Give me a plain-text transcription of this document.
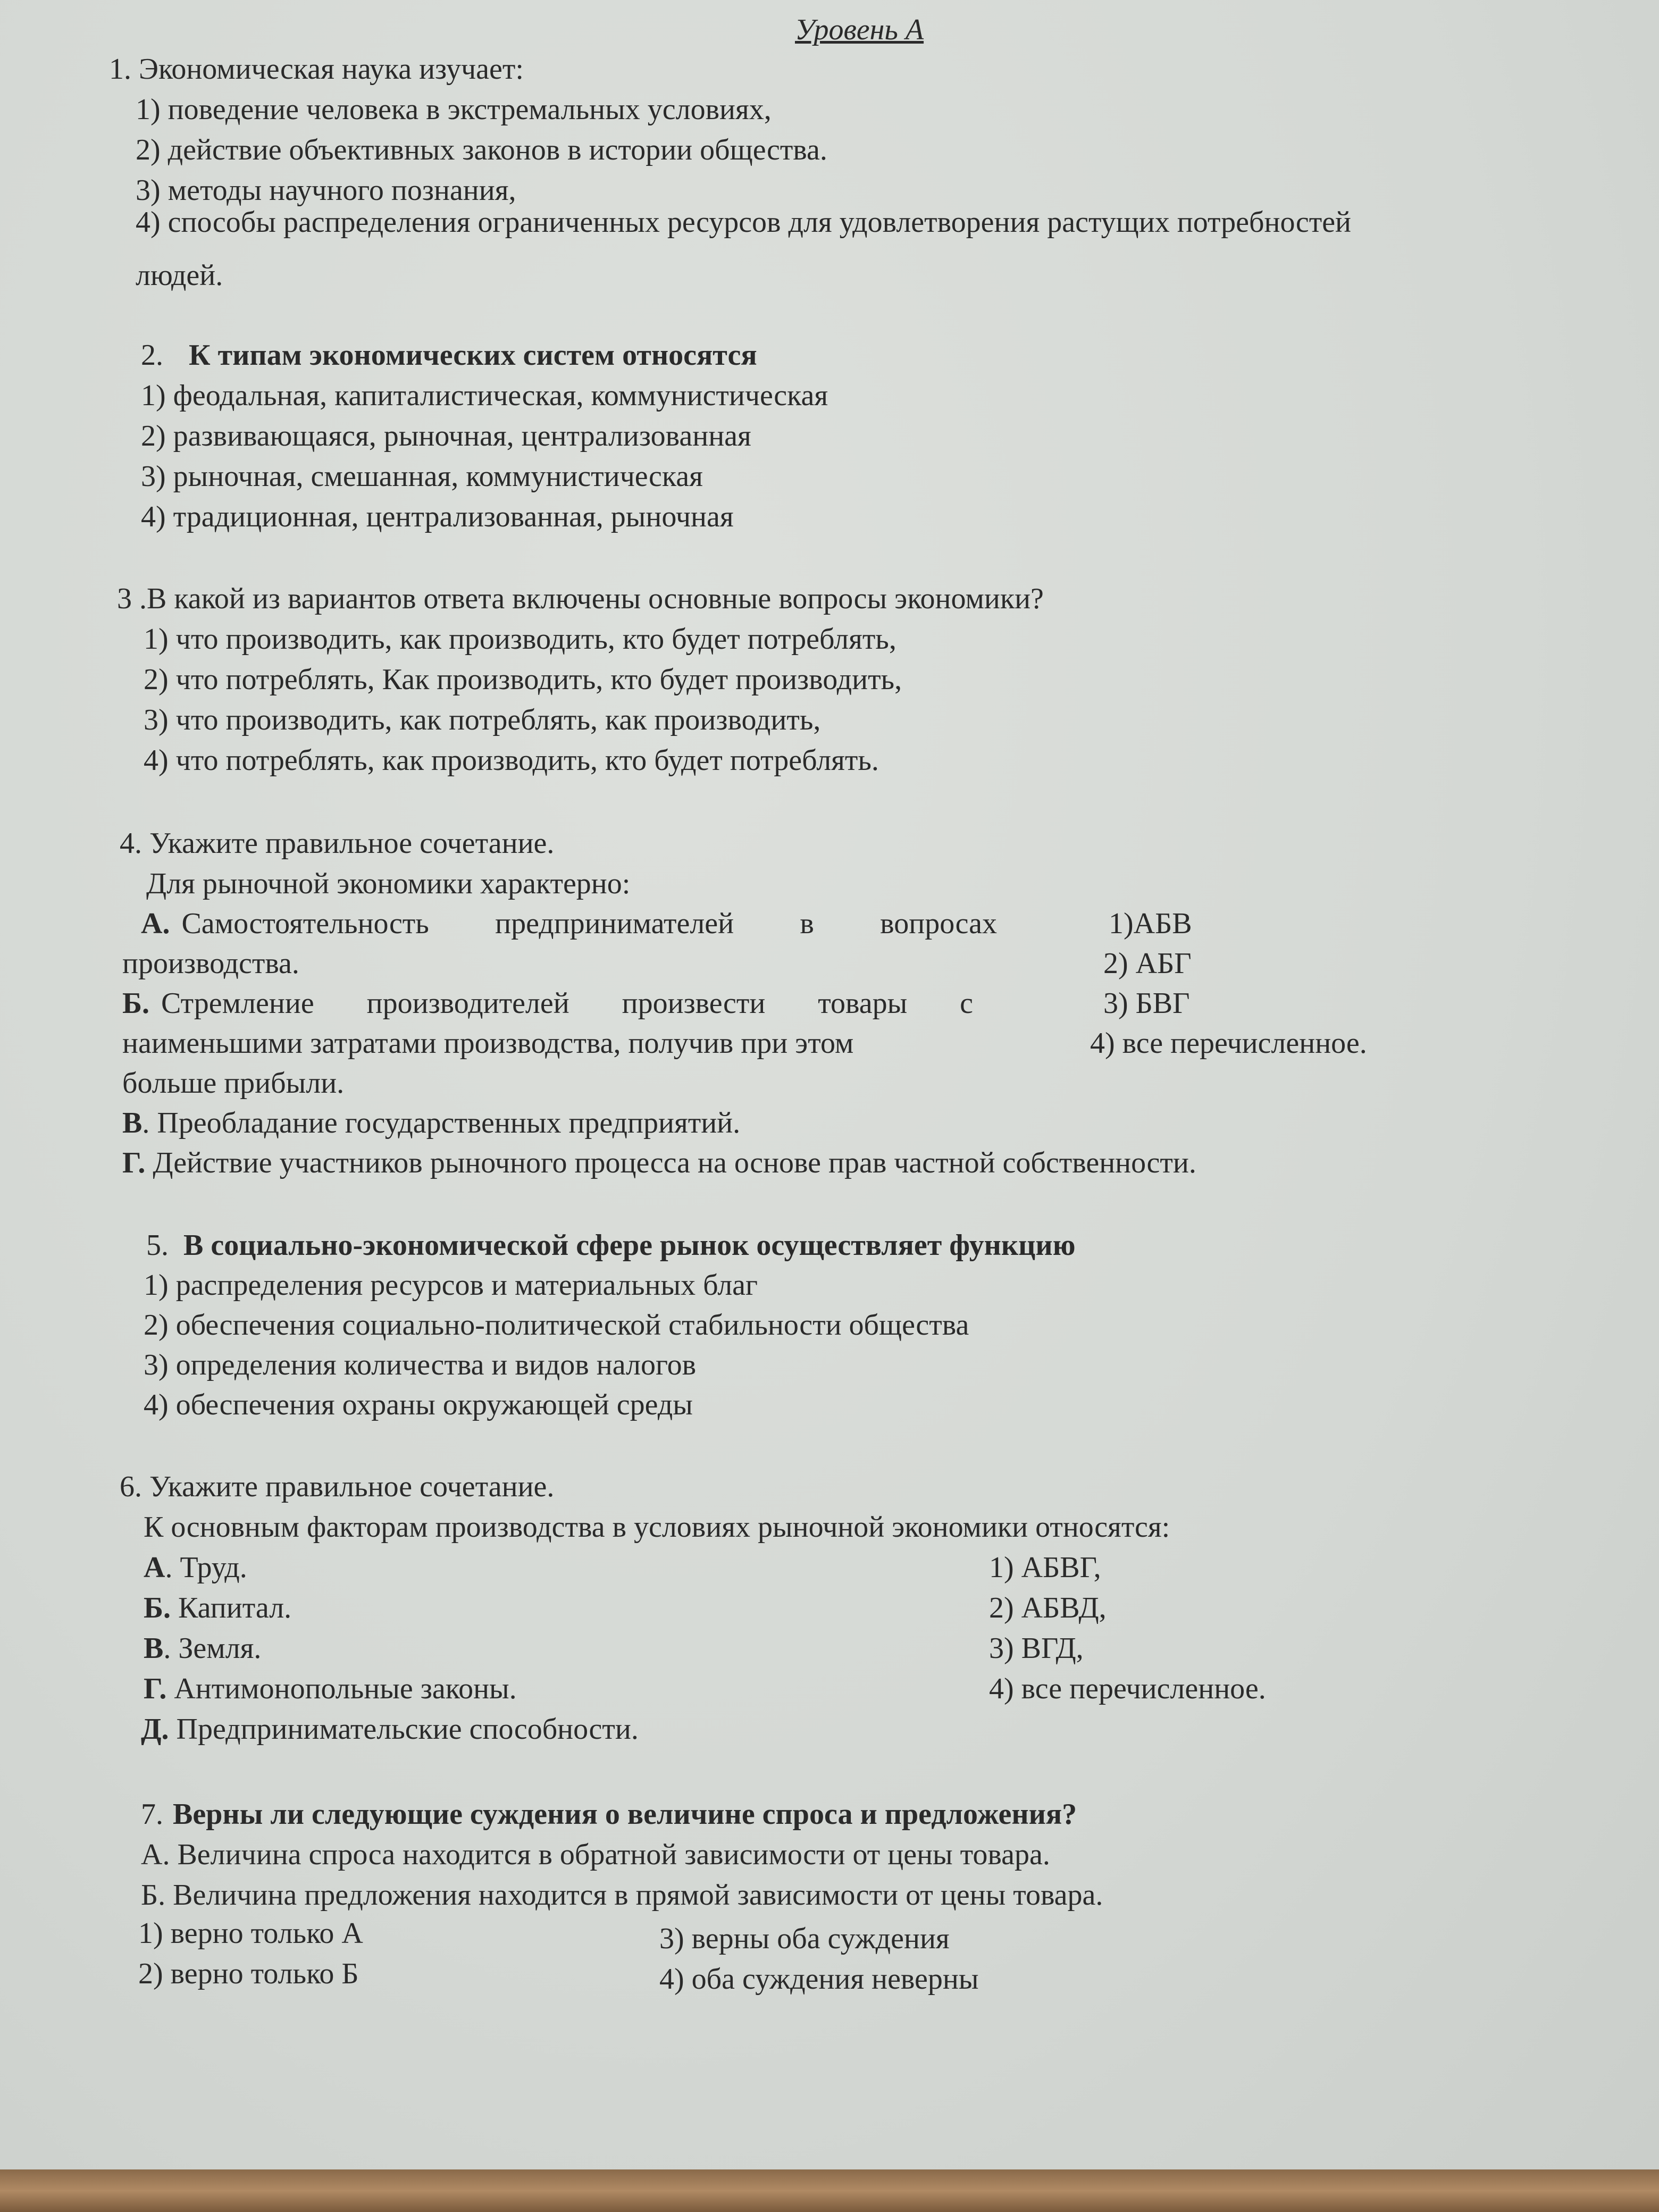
Уровень А
1. Экономическая наука изучает:
1) поведение человека в экстремальных условиях,
2) действие объективных законов в истории общества.
3) методы научного познания,
4) способы распределения ограниченных ресурсов для удовлетворения растущих потребностей
людей.
2. К типам экономических систем относятся
1) феодальная, капиталистическая, коммунистическая
2) развивающаяся, рыночная, централизованная
3) рыночная, смешанная, коммунистическая
4) традиционная, централизованная, рыночная
3 .В какой из вариантов ответа включены основные вопросы экономики?
1) что производить, как производить, кто будет потреблять,
2) что потреблять, Как производить, кто будет производить,
3) что производить, как потреблять, как производить,
4) что потреблять, как производить, кто будет потреблять.
4. Укажите правильное сочетание.
Для рыночной экономики характерно:
А. Самостоятельность предпринимателей в вопросах
производства.
Б. Стремление производителей произвести товары с
наименьшими затратами производства, получив при этом
больше прибыли.
В. Преобладание государственных предприятий.
Г. Действие участников рыночного процесса на основе прав частной собственности.
1)АБВ
2) АБГ
3) БВГ
4) все перечисленное.
5. В социально-экономической сфере рынок осуществляет функцию
1) распределения ресурсов и материальных благ
2) обеспечения социально-политической стабильности общества
3) определения количества и видов налогов
4) обеспечения охраны окружающей среды
6. Укажите правильное сочетание.
К основным факторам производства в условиях рыночной экономики относятся:
А. Труд.
Б. Капитал.
В. Земля.
Г. Антимонопольные законы.
Д. Предпринимательские способности.
1) АБВГ,
2) АБВД,
3) ВГД,
4) все перечисленное.
7. Верны ли следующие суждения о величине спроса и предложения?
А. Величина спроса находится в обратной зависимости от цены товара.
Б. Величина предложения находится в прямой зависимости от цены товара.
1) верно только А
2) верно только Б
3) верны оба суждения
4) оба суждения неверны
